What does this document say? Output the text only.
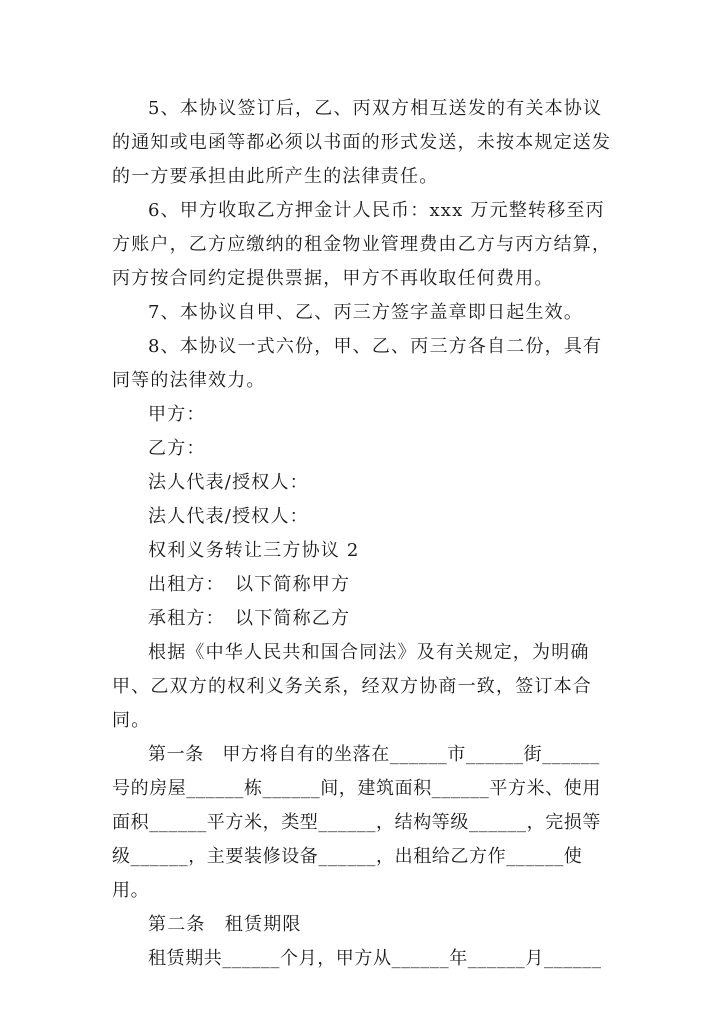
5、本协议签订后，乙、丙双方相互送发的有关本协议的通知或电函等都必须以书面的形式发送，未按本规定送发的一方要承担由此所产生的法律责任。

6、甲方收取乙方押金计人民币：xxx 万元整转移至丙方账户，乙方应缴纳的租金物业管理费由乙方与丙方结算，丙方按合同约定提供票据，甲方不再收取任何费用。

7、本协议自甲、乙、丙三方签字盖章即日起生效。

8、本协议一式六份，甲、乙、丙三方各自二份，具有同等的法律效力。

甲方：

乙方：

法人代表/授权人：

法人代表/授权人：

权利义务转让三方协议 2

出租方：　以下简称甲方

承租方：　以下简称乙方

根据《中华人民共和国合同法》及有关规定，为明确甲、乙双方的权利义务关系，经双方协商一致，签订本合同。

第一条　甲方将自有的坐落在______市______街______号的房屋______栋______间，建筑面积______平方米、使用面积______平方米，类型______，结构等级______，完损等级______，主要装修设备______，出租给乙方作______使用。

第二条　租赁期限

租赁期共______个月，甲方从______年______月______
